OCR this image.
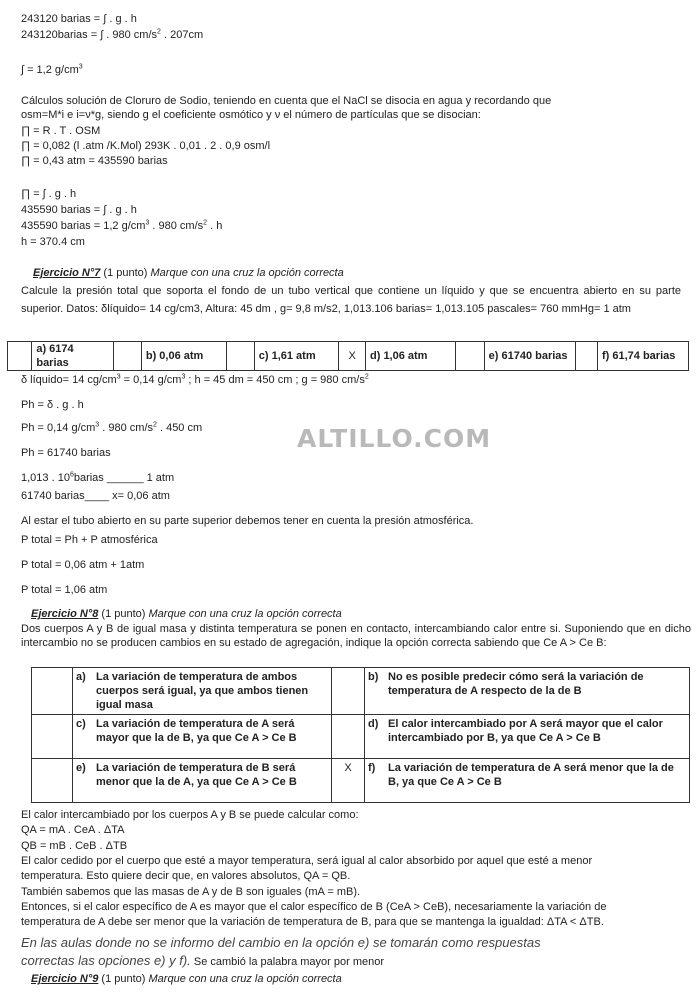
243120 barias = ∫ . g . h
243120barias = ∫ . 980 $cm/s^2$ . 207cm
∫ = 1,2 $g/cm^3$
Cálculos solución de Cloruro de Sodio, teniendo en cuenta que el NaCl se disocia en agua y recordando que
osm=M*i e i=ν*g, siendo g el coeficiente osmótico y ν el número de partículas que se disocian:
∏ = R . T . OSM
∏ = 0,082 (l .atm /K.Mol) 293K . 0,01 . 2 . 0,9 osm/l
∏ = 0,43 atm = 435590 barias
∏ = ∫ . g . h
435590 barias = ∫ . g . h
435590 barias = 1,2 $g/cm^3$ . 980 $cm/s^2$ . h
h = 370.4 cm
Ejercicio N°7 (1 punto) Marque con una cruz la opción correcta
Calcule la presión total que soporta el fondo de un tubo vertical que contiene un líquido y que se encuentra abierto en su parte superior. Datos: δlíquido= 14 cg/cm3, Altura: 45 dm , g= 9,8 m/s2, 1,013.106 barias= 1,013.105 pascales= 760 mmHg= 1 atm
	a) 6174 barias		b) 0,06 atm		c) 1,61 atm	X	d) 1,06 atm		e) 61740 barias		f) 61,74 barias
δ líquido= 14 $cg/cm^3 = 0,14$ $g/cm^3$ ; h = 45 dm = 450 cm ; g = 980 $cm/s^2$
Ph = δ . g . h
Ph = 0,14 $g/cm^3$ . 980 $cm/s^2$ . 450 cm
Ph = 61740 barias
1,013 . $10^6barias$ ______ 1 atm
61740 barias____ x= 0,06 atm
Al estar el tubo abierto en su parte superior debemos tener en cuenta la presión atmosférica.
P total = Ph + P atmosférica
P total = 0,06 atm + 1atm
P total = 1,06 atm
ALTILLO.COM
Ejercicio N°8 (1 punto) Marque con una cruz la opción correcta
Dos cuerpos A y B de igual masa y distinta temperatura se ponen en contacto, intercambiando calor entre si. Suponiendo que en dicho intercambio no se producen cambios en su estado de agregación, indique la opción correcta sabiendo que Ce A > Ce B:
	a)	La variación de temperatura de ambos cuerpos será igual, ya que ambos tienen igual masa		b)	No es posible predecir cómo será la variación de temperatura de A respecto de la de B
	c)	La variación de temperatura de A será mayor que la de B, ya que Ce A > Ce B		d)	El calor intercambiado por A será mayor que el calor intercambiado por B, ya que Ce A > Ce B
	e)	La variación de temperatura de B será menor que la de A, ya que Ce A > Ce B	X	f)	La variación de temperatura de A será menor que la de B, ya que Ce A > Ce B
El calor intercambiado por los cuerpos A y B se puede calcular como:
QA = mA . CeA . ΔTA
QB = mB . CeB . ΔTB
El calor cedido por el cuerpo que esté a mayor temperatura, será igual al calor absorbido por aquel que esté a menor
temperatura. Esto quiere decir que, en valores absolutos, QA = QB.
También sabemos que las masas de A y de B son iguales (mA = mB).
Entonces, si el calor específico de A es mayor que el calor específico de B (CeA > CeB), necesariamente la variación de
temperatura de A debe ser menor que la variación de temperatura de B, para que se mantenga la igualdad: ΔTA < ΔTB.
En las aulas donde no se informo del cambio en la opción e) se tomarán como respuestas
correctas las opciones e) y f). Se cambió la palabra mayor por menor
Ejercicio N°9 (1 punto) Marque con una cruz la opción correcta
